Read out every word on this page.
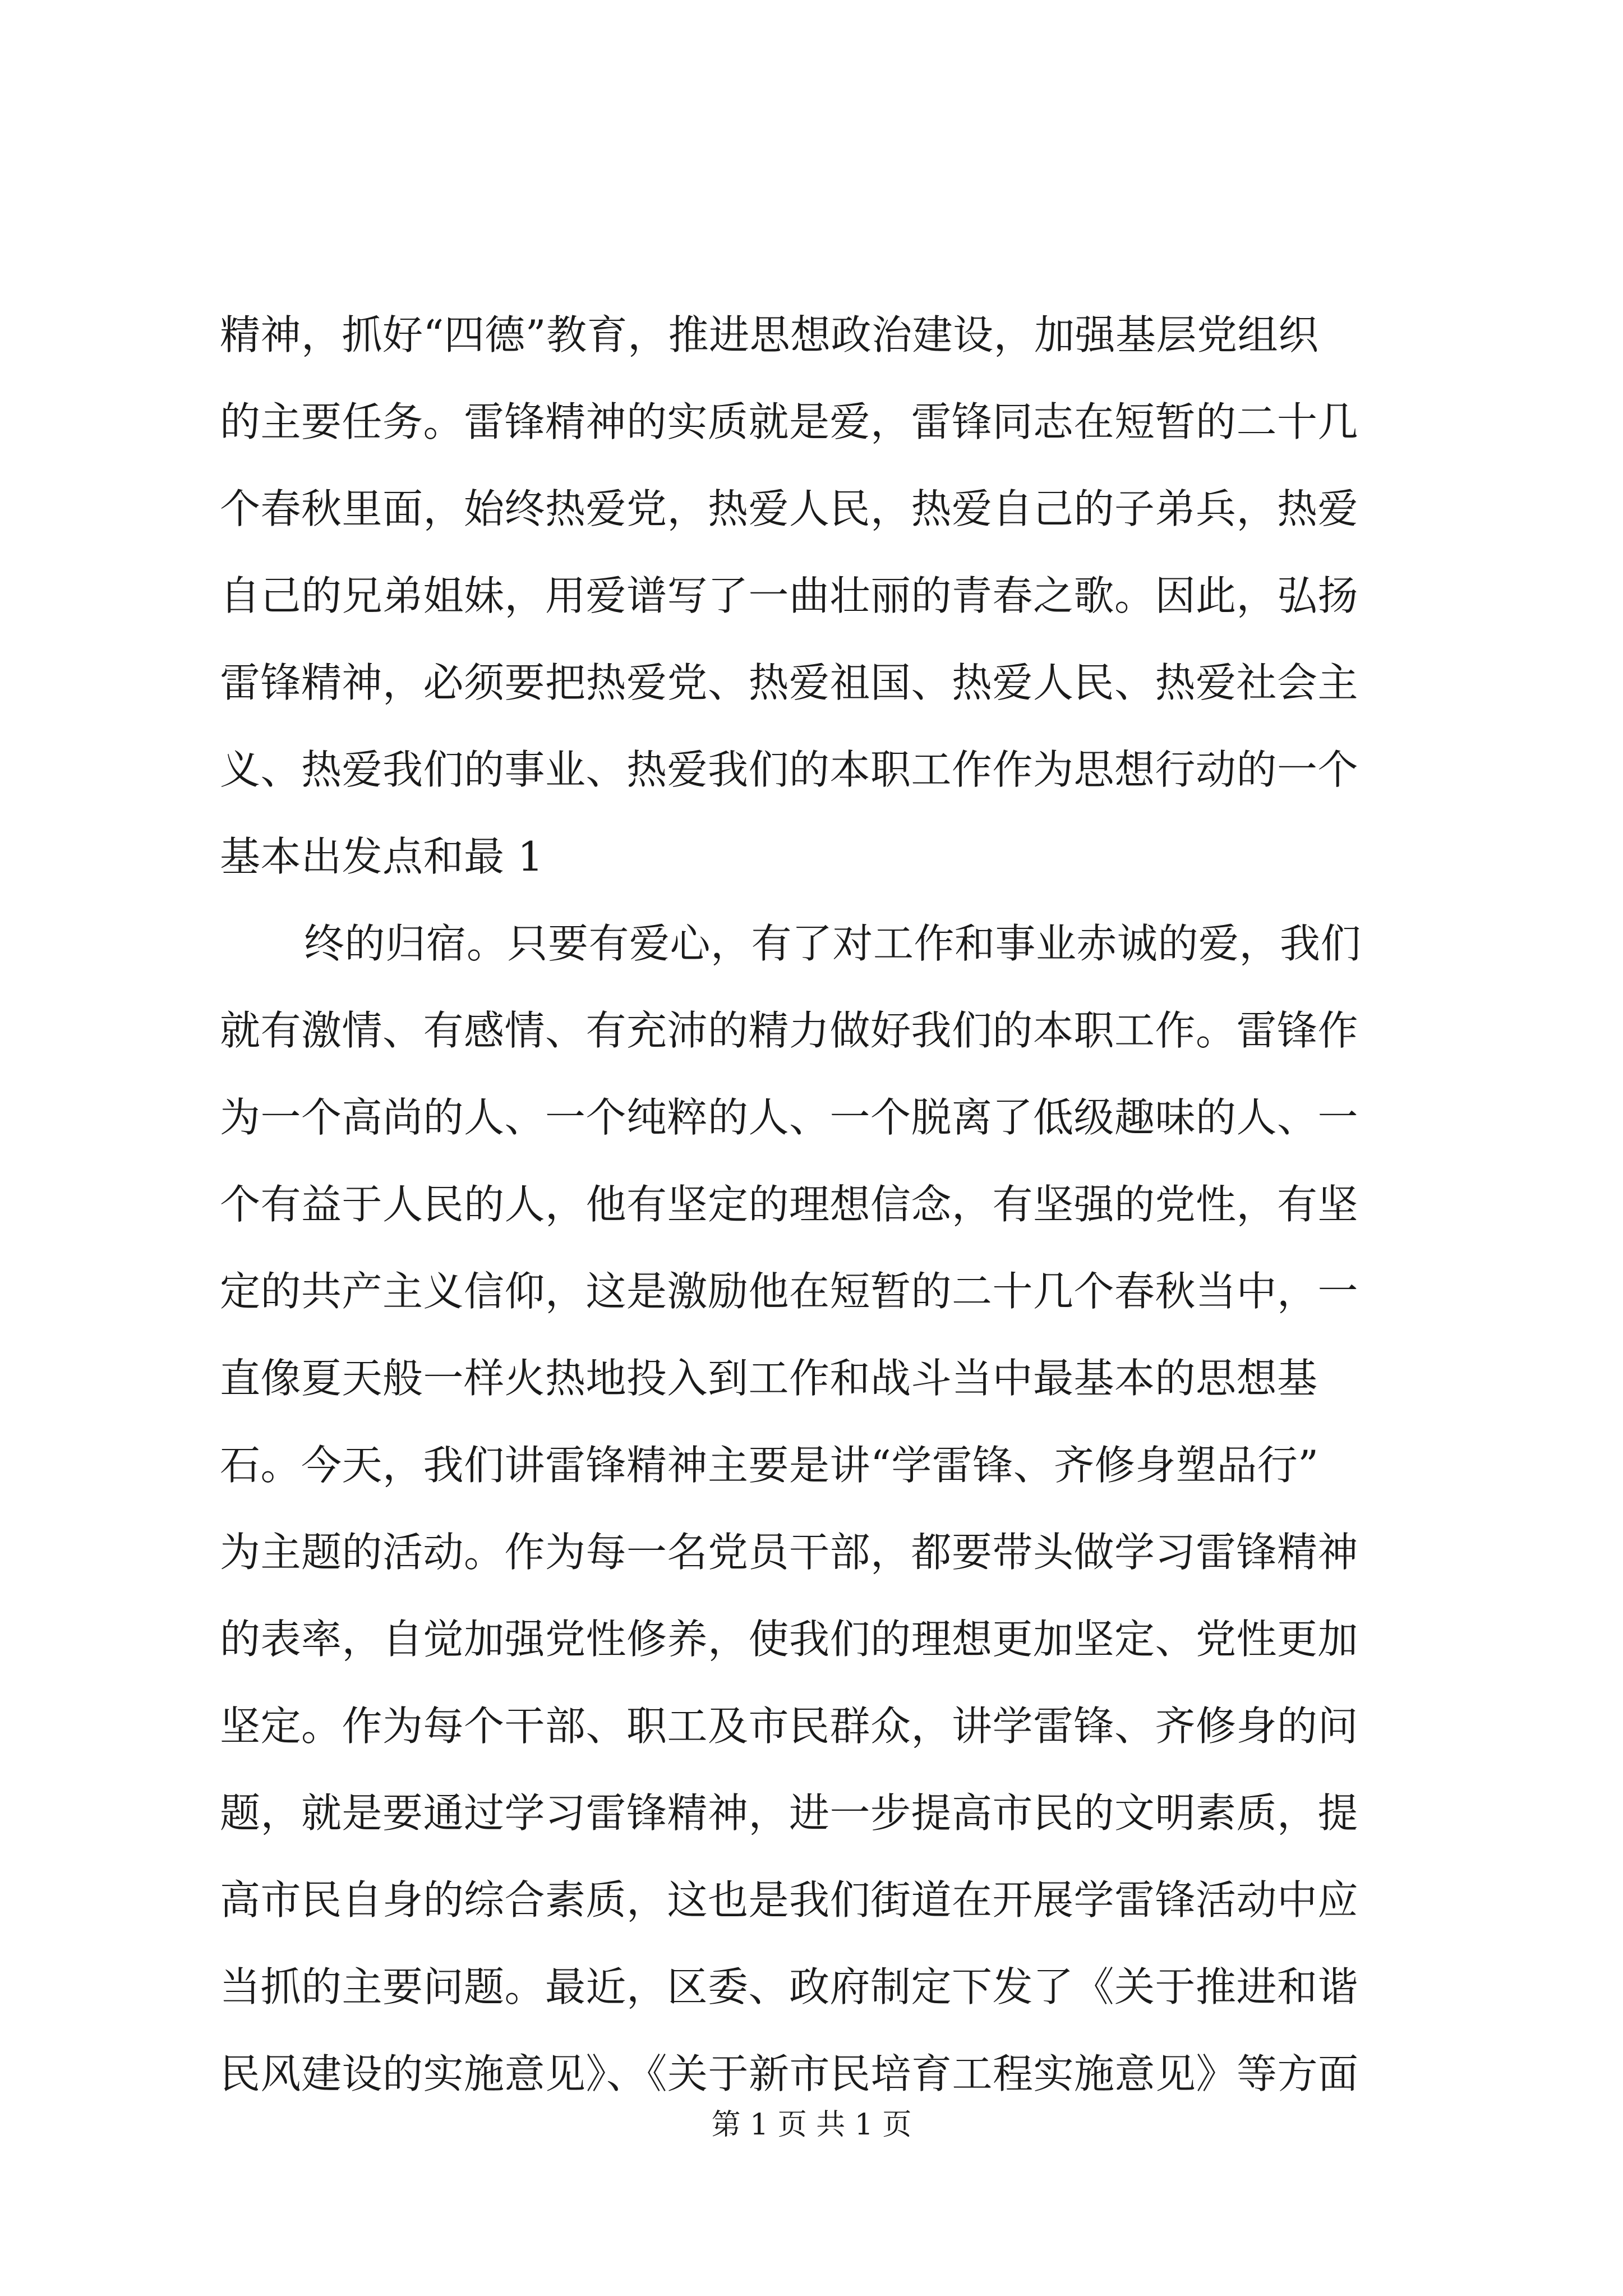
精神，抓好“四德”教育，推进思想政治建设，加强基层党组织
的主要任务。雷锋精神的实质就是爱，雷锋同志在短暂的二十几
个春秋里面，始终热爱党，热爱人民，热爱自己的子弟兵，热爱
自己的兄弟姐妹，用爱谱写了一曲壮丽的青春之歌。因此，弘扬
雷锋精神，必须要把热爱党、热爱祖国、热爱人民、热爱社会主
义、热爱我们的事业、热爱我们的本职工作作为思想行动的一个
基本出发点和最 1
终的归宿。只要有爱心，有了对工作和事业赤诚的爱，我们
就有激情、有感情、有充沛的精力做好我们的本职工作。雷锋作
为一个高尚的人、一个纯粹的人、一个脱离了低级趣味的人、一
个有益于人民的人，他有坚定的理想信念，有坚强的党性，有坚
定的共产主义信仰，这是激励他在短暂的二十几个春秋当中，一
直像夏天般一样火热地投入到工作和战斗当中最基本的思想基
石。今天，我们讲雷锋精神主要是讲“学雷锋、齐修身塑品行”
为主题的活动。作为每一名党员干部，都要带头做学习雷锋精神
的表率，自觉加强党性修养，使我们的理想更加坚定、党性更加
坚定。作为每个干部、职工及市民群众，讲学雷锋、齐修身的问
题，就是要通过学习雷锋精神，进一步提高市民的文明素质，提
高市民自身的综合素质，这也是我们街道在开展学雷锋活动中应
当抓的主要问题。最近，区委、政府制定下发了《关于推进和谐
民风建设的实施意见》、《关于新市民培育工程实施意见》等方面
第 1 页 共 1 页
